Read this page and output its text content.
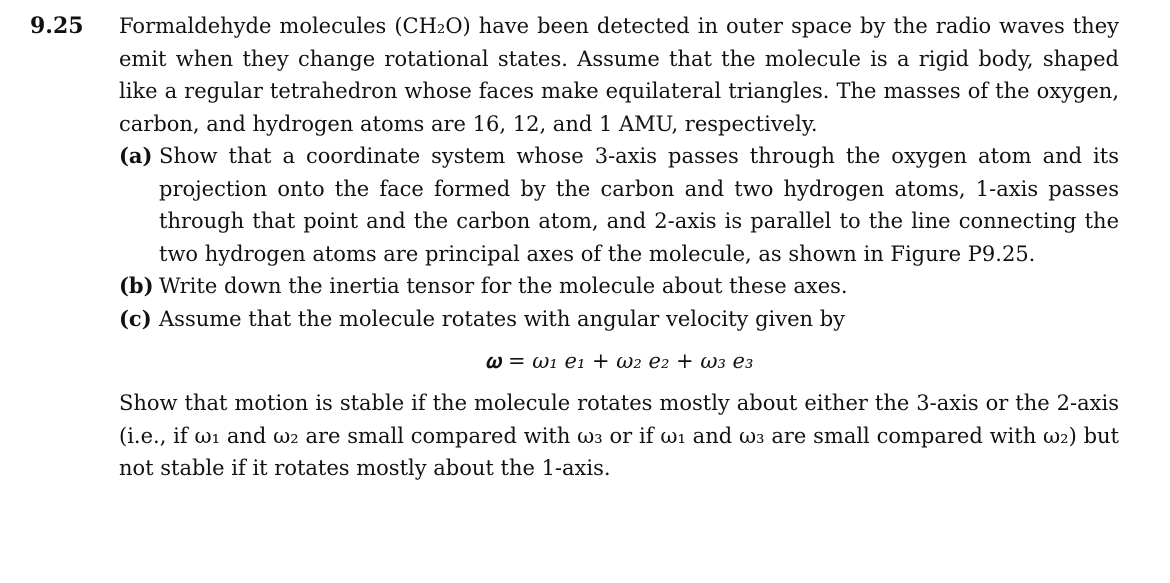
9.25 Formaldehyde molecules (CH₂O) have been detected in outer space by the radio waves they emit when they change rotational states. Assume that the molecule is a rigid body, shaped like a regular tetrahedron whose faces make equilateral triangles. The masses of the oxygen, carbon, and hydrogen atoms are 16, 12, and 1 AMU, respectively.

(a) Show that a coordinate system whose 3-axis passes through the oxygen atom and its projection onto the face formed by the carbon and two hydrogen atoms, 1-axis passes through that point and the carbon atom, and 2-axis is parallel to the line connecting the two hydrogen atoms are principal axes of the molecule, as shown in Figure P9.25.
(b) Write down the inertia tensor for the molecule about these axes.
(c) Assume that the molecule rotates with angular velocity given by
𝛚 = ω₁ e₁ + ω₂ e₂ + ω₃ e₃

Show that motion is stable if the molecule rotates mostly about either the 3-axis or the 2-axis (i.e., if ω₁ and ω₂ are small compared with ω₃ or if ω₁ and ω₃ are small compared with ω₂) but not stable if it rotates mostly about the 1-axis.
